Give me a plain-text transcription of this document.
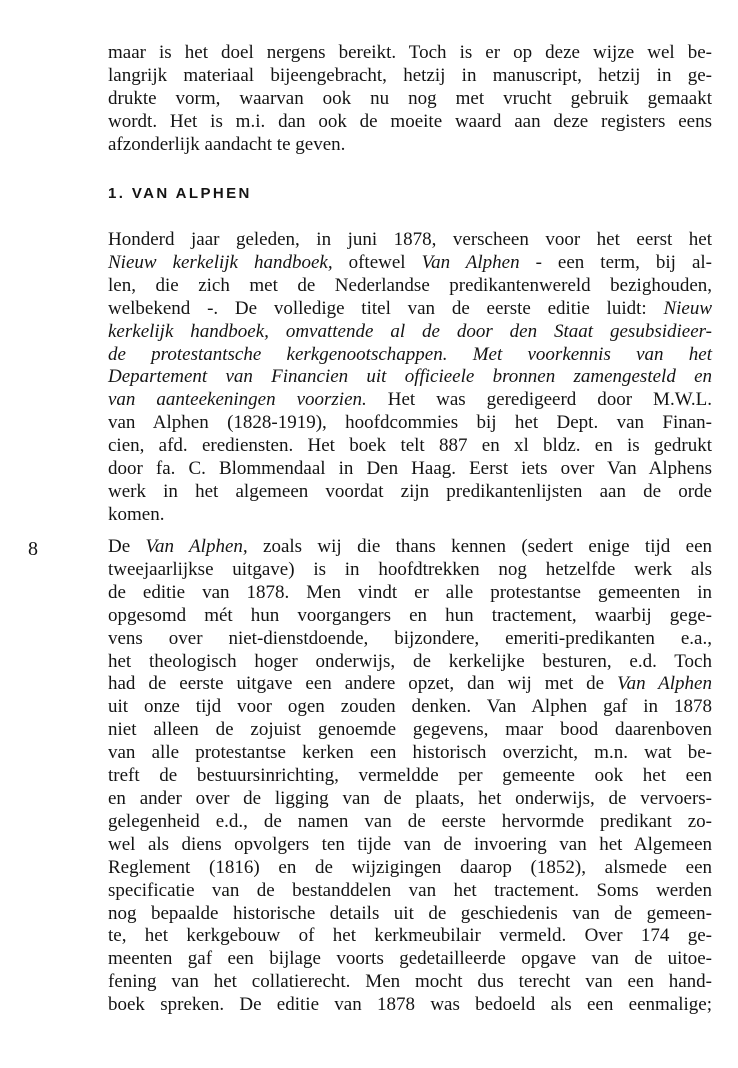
maar is het doel nergens bereikt. Toch is er op deze wijze wel be-
langrijk materiaal bijeengebracht, hetzij in manuscript, hetzij in ge-
drukte vorm, waarvan ook nu nog met vrucht gebruik gemaakt
wordt. Het is m.i. dan ook de moeite waard aan deze registers eens
afzonderlijk aandacht te geven.

1. VAN ALPHEN

Honderd jaar geleden, in juni 1878, verscheen voor het eerst het
Nieuw kerkelijk handboek, oftewel Van Alphen - een term, bij al-
len, die zich met de Nederlandse predikantenwereld bezighouden,
welbekend -. De volledige titel van de eerste editie luidt: Nieuw
kerkelijk handboek, omvattende al de door den Staat gesubsidieer-
de protestantsche kerkgenootschappen. Met voorkennis van het
Departement van Financien uit officieele bronnen zamengesteld en
van aanteekeningen voorzien. Het was geredigeerd door M.W.L.
van Alphen (1828-1919), hoofdcommies bij het Dept. van Finan-
cien, afd. erediensten. Het boek telt 887 en xl bldz. en is gedrukt
door fa. C. Blommendaal in Den Haag. Eerst iets over Van Alphens
werk in het algemeen voordat zijn predikantenlijsten aan de orde
komen.

8	De Van Alphen, zoals wij die thans kennen (sedert enige tijd een
tweejaarlijkse uitgave) is in hoofdtrekken nog hetzelfde werk als
de editie van 1878. Men vindt er alle protestantse gemeenten in
opgesomd mét hun voorgangers en hun tractement, waarbij gege-
vens over niet-dienstdoende, bijzondere, emeriti-predikanten e.a.,
het theologisch hoger onderwijs, de kerkelijke besturen, e.d. Toch
had de eerste uitgave een andere opzet, dan wij met de Van Alphen
uit onze tijd voor ogen zouden denken. Van Alphen gaf in 1878
niet alleen de zojuist genoemde gegevens, maar bood daarenboven
van alle protestantse kerken een historisch overzicht, m.n. wat be-
treft de bestuursinrichting, vermeldde per gemeente ook het een
en ander over de ligging van de plaats, het onderwijs, de vervoers-
gelegenheid e.d., de namen van de eerste hervormde predikant zo-
wel als diens opvolgers ten tijde van de invoering van het Algemeen
Reglement (1816) en de wijzigingen daarop (1852), alsmede een
specificatie van de bestanddelen van het tractement. Soms werden
nog bepaalde historische details uit de geschiedenis van de gemeen-
te, het kerkgebouw of het kerkmeubilair vermeld. Over 174 ge-
meenten gaf een bijlage voorts gedetailleerde opgave van de uitoe-
fening van het collatierecht. Men mocht dus terecht van een hand-
boek spreken. De editie van 1878 was bedoeld als een eenmalige;
